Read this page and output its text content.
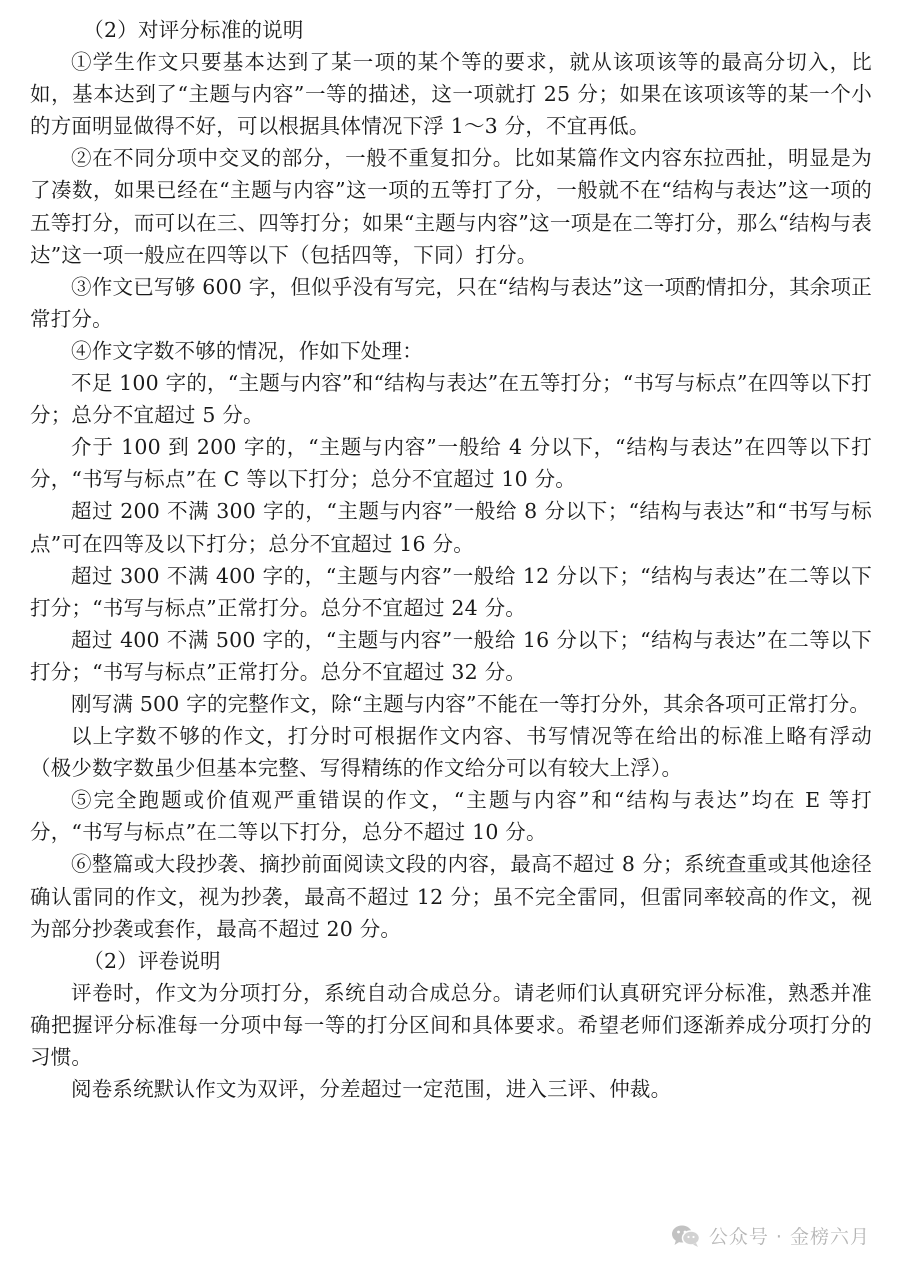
（2）对评分标准的说明

①学生作文只要基本达到了某一项的某个等的要求，就从该项该等的最高分切入，比如，基本达到了“主题与内容”一等的描述，这一项就打 25 分；如果在该项该等的某一个小的方面明显做得不好，可以根据具体情况下浮 1～3 分，不宜再低。

②在不同分项中交叉的部分，一般不重复扣分。比如某篇作文内容东拉西扯，明显是为了凑数，如果已经在“主题与内容”这一项的五等打了分，一般就不在“结构与表达”这一项的五等打分，而可以在三、四等打分；如果“主题与内容”这一项是在二等打分，那么“结构与表达”这一项一般应在四等以下（包括四等，下同）打分。

③作文已写够 600 字，但似乎没有写完，只在“结构与表达”这一项酌情扣分，其余项正常打分。

④作文字数不够的情况，作如下处理：

不足 100 字的，“主题与内容”和“结构与表达”在五等打分；“书写与标点”在四等以下打分；总分不宜超过 5 分。

介于 100 到 200 字的，“主题与内容”一般给 4 分以下，“结构与表达”在四等以下打分，“书写与标点”在 C 等以下打分；总分不宜超过 10 分。

超过 200 不满 300 字的，“主题与内容”一般给 8 分以下；“结构与表达”和“书写与标点”可在四等及以下打分；总分不宜超过 16 分。

超过 300 不满 400 字的，“主题与内容”一般给 12 分以下；“结构与表达”在二等以下打分；“书写与标点”正常打分。总分不宜超过 24 分。

超过 400 不满 500 字的，“主题与内容”一般给 16 分以下；“结构与表达”在二等以下打分；“书写与标点”正常打分。总分不宜超过 32 分。

刚写满 500 字的完整作文，除“主题与内容”不能在一等打分外，其余各项可正常打分。

以上字数不够的作文，打分时可根据作文内容、书写情况等在给出的标准上略有浮动（极少数字数虽少但基本完整、写得精练的作文给分可以有较大上浮）。

⑤完全跑题或价值观严重错误的作文，“主题与内容”和“结构与表达”均在 E 等打分，“书写与标点”在二等以下打分，总分不超过 10 分。

⑥整篇或大段抄袭、摘抄前面阅读文段的内容，最高不超过 8 分；系统查重或其他途径确认雷同的作文，视为抄袭，最高不超过 12 分；虽不完全雷同，但雷同率较高的作文，视为部分抄袭或套作，最高不超过 20 分。

（2）评卷说明

评卷时，作文为分项打分，系统自动合成总分。请老师们认真研究评分标准，熟悉并准确把握评分标准每一分项中每一等的打分区间和具体要求。希望老师们逐渐养成分项打分的习惯。

阅卷系统默认作文为双评，分差超过一定范围，进入三评、仲裁。

公众号 · 金榜六月
